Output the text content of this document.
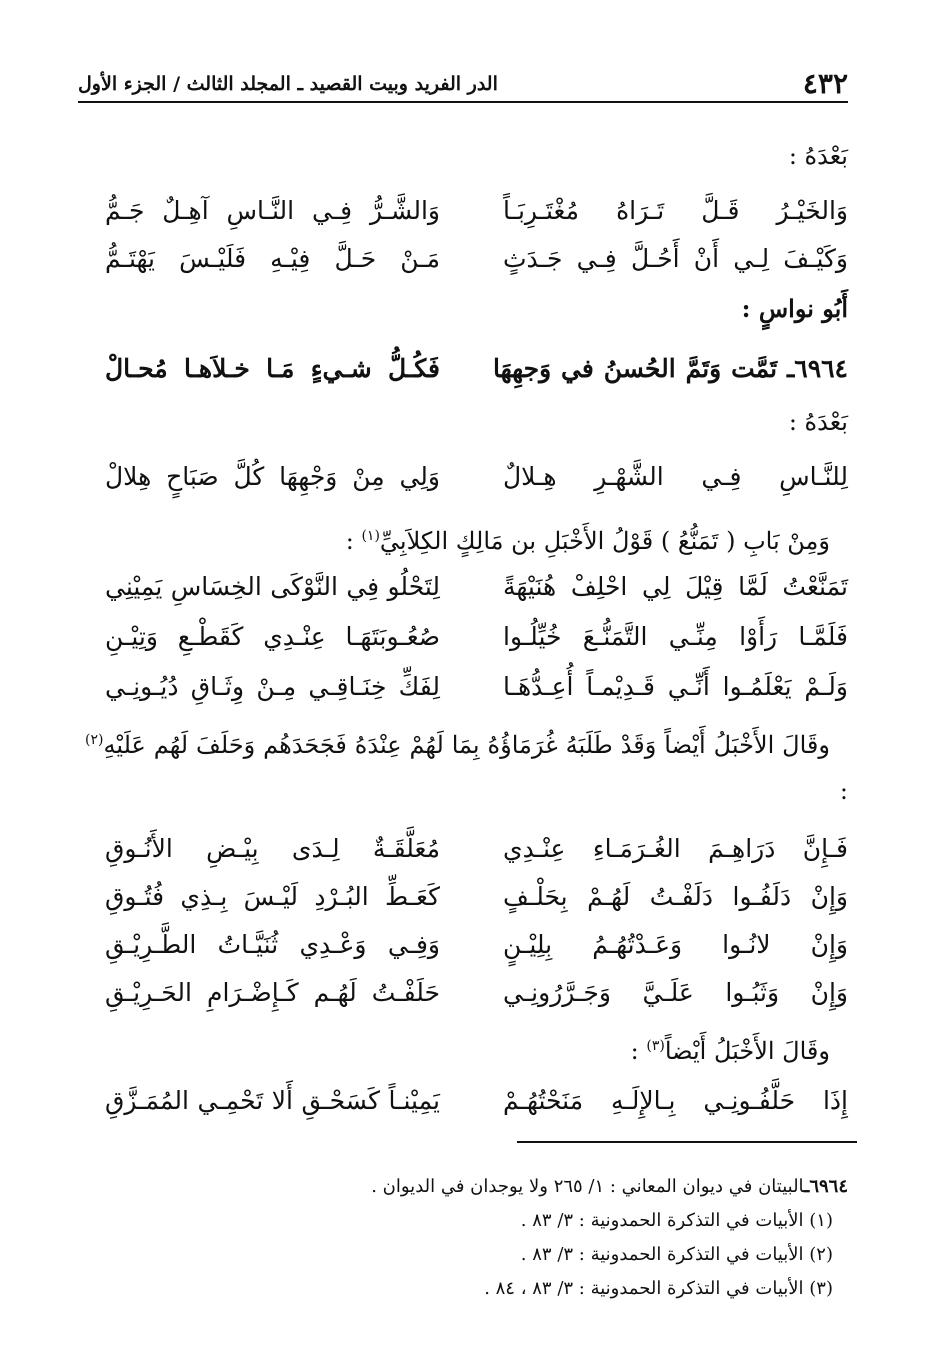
٤٣٢
الدر الفريد وبيت القصيد ـ المجلد الثالث / الجزء الأول
بَعْدَهُ :
وَالخَيْـرُ قَـلَّ تَـرَاهُ مُغْتَـرِبَـاً
وَالشَّـرُّ فِـي النَّـاسِ آهِـلٌ جَـمُّ
وَكَيْـفَ لِـي أَنْ أَحُـلَّ فِـي جَـدَثٍ
مَـنْ حَـلَّ فِيْـهِ فَلَيْـسَ يَهْتَـمُّ
أَبُو نواسٍ :
٦٩٦٤ـ تَمَّت وَتَمَّ الحُسنُ في وَجهِهَا
فَكُـلُّ شـيءٍ مَـا خـلاَهـا مُحـالْ
بَعْدَهُ :
لِلنَّـاسِ فِـي الشَّهْـرِ هِـلالٌ
وَلِي مِنْ وَجْهِهَا كُلَّ صَبَاحٍ هِلالْ
وَمِنْ بَابِ ( تَمَنُّعُ ) قَوْلُ الأَخْبَلِ بن مَالِكٍ الكِلاَبِيِّ$^{(١)}$ :
تَمَنَّعْتُ لَمَّا قِيْلَ لِي احْلِفْ هُنَيْهَةً
لِتَحْلُو فِي النَّوْكَى الخِسَاسِ يَمِيْنِي
فَلَمَّـا رَأَوْا مِنِّـي التَّمَنُّـعَ خُيِّلُـوا
صُعُـوبَتَهَـا عِنْـدِي كَقَطْـعِ وَتِيْـنِ
وَلَـمْ يَعْلَمُـوا أَنِّـي قَـدِيْمـاً أُعِـدُّهَـا
لِفَكِّ خِنَـاقِـي مِـنْ وِثَـاقِ دُيُـونِـي
وقَالَ الأَخْبَلُ أَيْضاً وَقَدْ طَلَبَهُ غُرَمَاؤُهُ بِمَا لَهُمْ عِنْدَهُ فَجَحَدَهُم وَحَلَفَ لَهُم عَلَيْهِ$^{(٢)}$ :
فَـإِنَّ دَرَاهِـمَ الغُـرَمَـاءِ عِنْـدِي
مُعَلَّقَـةٌ لِـدَى بِيْـضِ الأَنُـوقِ
وَإِنْ دَلَفُـوا دَلَفْـتُ لَهُـمْ بِحَلْـفٍ
كَعَـطِّ البُـرْدِ لَيْـسَ بِـذِي فُتُـوقِ
وَإِنْ لانُـوا وَعَـدْتُهُـمُ بِلِيْـنٍ
وَفِـي وَعْـدِي ثُنَيَّـاتُ الطَّـرِيْـقِ
وَإِنْ وَثَبُـوا عَلَـيَّ وَجَـرَّرُونِـي
حَلَفْـتُ لَهُـم كَـإِضْـرَامِ الحَـرِيْـقِ
وقَالَ الأَخْبَلُ أَيْضاً$^{(٣)}$ :
إِذَا حَلَّفُـونِـي بِـالإِلَـهِ مَنَحْتُهُـمْ
يَمِيْنـاً كَسَحْـقِ أَلا تَحْمِـي المُمَـزَّقِ
٦٩٦٤ـالبيتان في ديوان المعاني : ١/ ٢٦٥ ولا يوجدان في الديوان .
(١) الأبيات في التذكرة الحمدونية : ٣/ ٨٣ .
(٢) الأبيات في التذكرة الحمدونية : ٣/ ٨٣ .
(٣) الأبيات في التذكرة الحمدونية : ٣/ ٨٣ ، ٨٤ .
